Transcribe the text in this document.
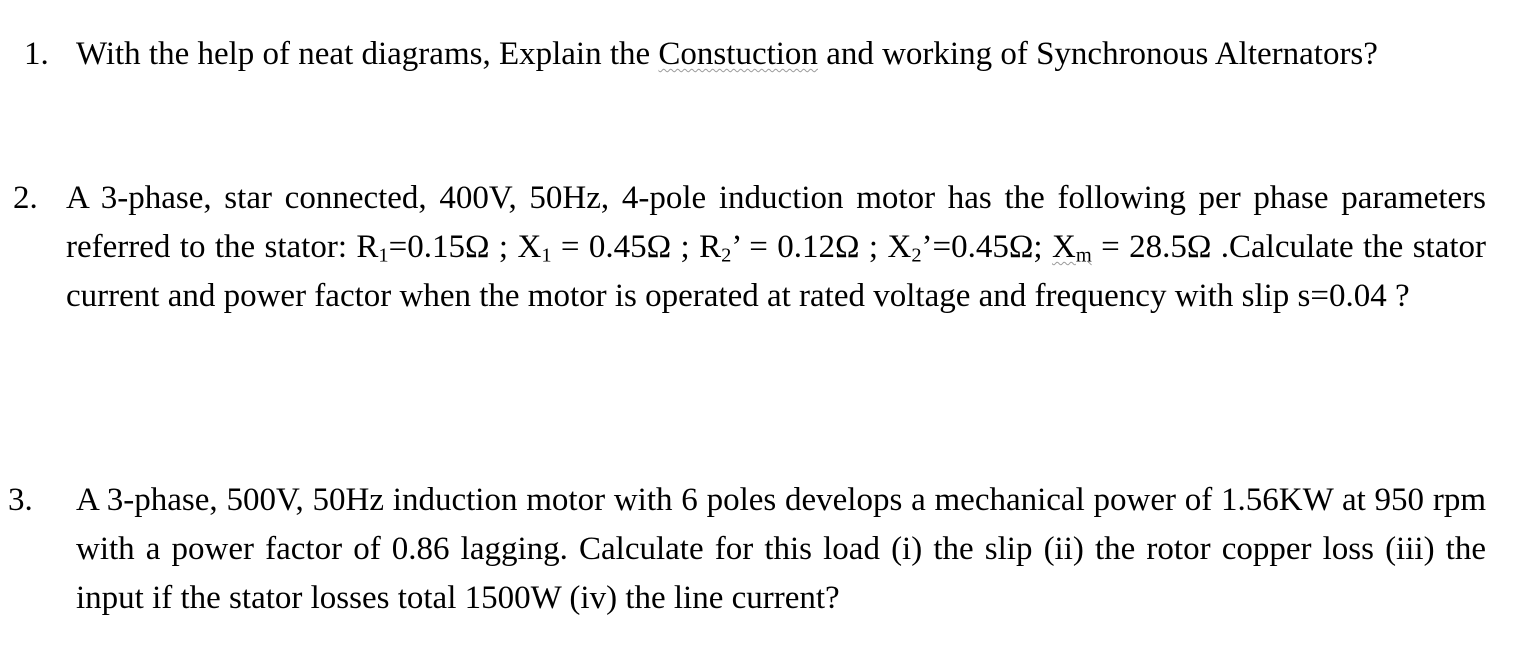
1. With the help of neat diagrams, Explain the Constuction and working of Synchronous Alternators?
2. A 3-phase, star connected, 400V, 50Hz, 4-pole induction motor has the following per phase parameters referred to the stator: $R_1=0.15\Omega$ ; $X_1 = 0.45\Omega$ ; $R_2$’ = 0.12Ω ; $X_2’=0.45\Omega$; $X_m = 28.5\Omega$ .Calculate the stator current and power factor when the motor is operated at rated voltage and frequency with slip s=0.04 ?
3. A 3-phase, 500V, 50Hz induction motor with 6 poles develops a mechanical power of 1.56KW at 950 rpm with a power factor of 0.86 lagging. Calculate for this load (i) the slip (ii) the rotor copper loss (iii) the input if the stator losses total 1500W (iv) the line current?
